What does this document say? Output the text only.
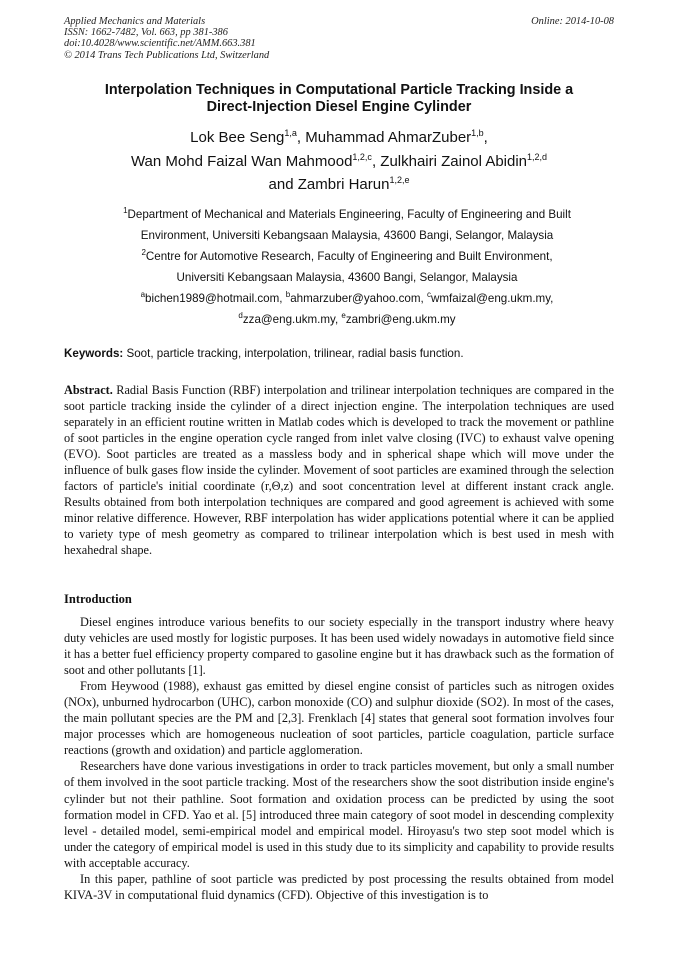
Applied Mechanics and Materials
ISSN: 1662-7482, Vol. 663, pp 381-386
doi:10.4028/www.scientific.net/AMM.663.381
© 2014 Trans Tech Publications Ltd, Switzerland
Online: 2014-10-08
Interpolation Techniques in Computational Particle Tracking Inside a
Direct-Injection Diesel Engine Cylinder
Lok Bee Seng$^{1,a}$, Muhammad AhmarZuber$^{1,b}$,
Wan Mohd Faizal Wan Mahmood$^{1,2,c}$, Zulkhairi Zainol Abidin$^{1,2,d}$
and Zambri Harun$^{1,2,e}$
$^1$Department of Mechanical and Materials Engineering, Faculty of Engineering and Built
Environment, Universiti Kebangsaan Malaysia, 43600 Bangi, Selangor, Malaysia
$^2$Centre for Automotive Research, Faculty of Engineering and Built Environment,
Universiti Kebangsaan Malaysia, 43600 Bangi, Selangor, Malaysia
$^a$bichen1989@hotmail.com, $^b$ahmarzuber@yahoo.com, $^c$wmfaizal@eng.ukm.my,
$^d$zza@eng.ukm.my, $^e$zambri@eng.ukm.my
Keywords: Soot, particle tracking, interpolation, trilinear, radial basis function.
Abstract. Radial Basis Function (RBF) interpolation and trilinear interpolation techniques are compared in the soot particle tracking inside the cylinder of a direct injection engine. The interpolation techniques are used separately in an efficient routine written in Matlab codes which is developed to track the movement or pathline of soot particles in the engine operation cycle ranged from inlet valve closing (IVC) to exhaust valve opening (EVO). Soot particles are treated as a massless body and in spherical shape which will move under the influence of bulk gases flow inside the cylinder. Movement of soot particles are examined through the selection factors of particle's initial coordinate (r,Θ,z) and soot concentration level at different instant crack angle. Results obtained from both interpolation techniques are compared and good agreement is achieved with some minor relative difference. However, RBF interpolation has wider applications potential where it can be applied to variety type of mesh geometry as compared to trilinear interpolation which is best used in mesh with hexahedral shape.
Introduction

Diesel engines introduce various benefits to our society especially in the transport industry where heavy duty vehicles are used mostly for logistic purposes. It has been used widely nowadays in automotive field since it has a better fuel efficiency property compared to gasoline engine but it has drawback such as the formation of soot and other pollutants [1].

From Heywood (1988), exhaust gas emitted by diesel engine consist of particles such as nitrogen oxides (NOx), unburned hydrocarbon (UHC), carbon monoxide (CO) and sulphur dioxide (SO2). In most of the cases, the main pollutant species are the PM and [2,3]. Frenklach [4] states that general soot formation involves four major processes which are homogeneous nucleation of soot particles, particle coagulation, particle surface reactions (growth and oxidation) and particle agglomeration.

Researchers have done various investigations in order to track particles movement, but only a small number of them involved in the soot particle tracking. Most of the researchers show the soot distribution inside engine's cylinder but not their pathline. Soot formation and oxidation process can be predicted by using the soot formation model in CFD. Yao et al. [5] introduced three main category of soot model in descending complexity level - detailed model, semi-empirical model and empirical model. Hiroyasu's two step soot model which is under the category of empirical model is used in this study due to its simplicity and capability to provide results with acceptable accuracy.

In this paper, pathline of soot particle was predicted by post processing the results obtained from model KIVA-3V in computational fluid dynamics (CFD). Objective of this investigation is to
